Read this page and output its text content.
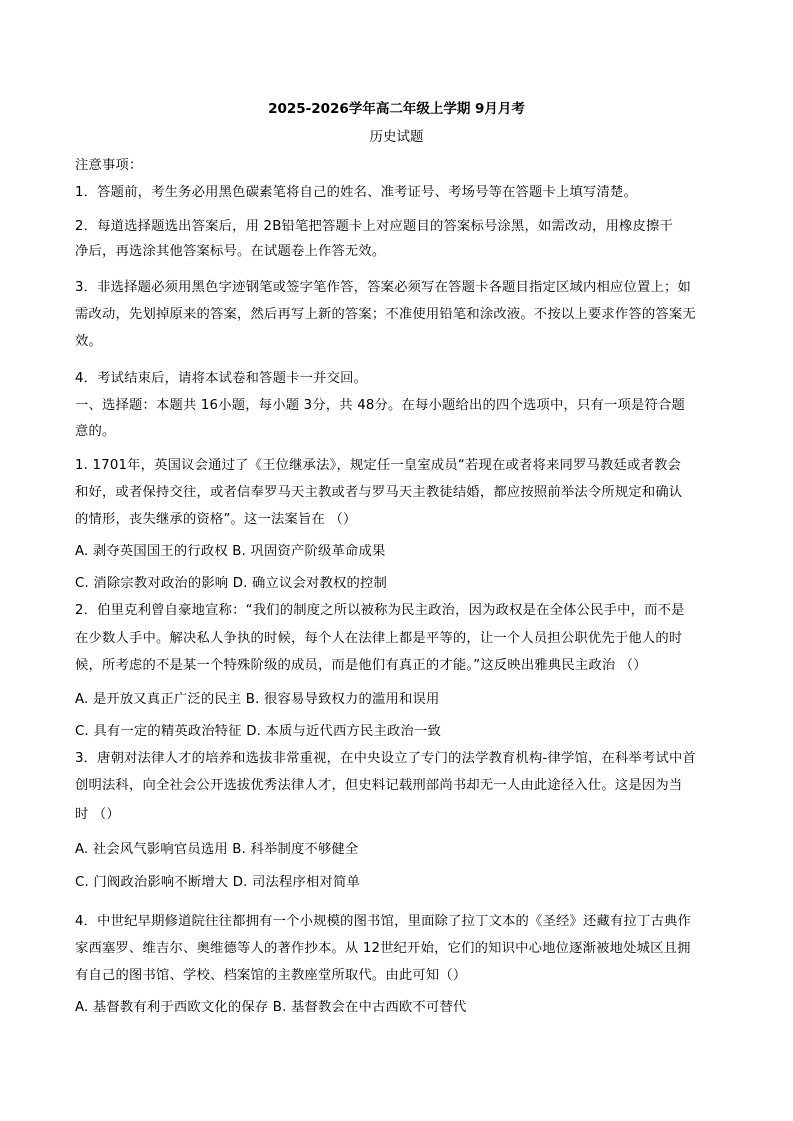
2025-2026学年高二年级上学期 9月月考
历史试题
注意事项：
1．答题前，考生务必用黑色碳素笔将自己的姓名、准考证号、考场号等在答题卡上填写清楚。
2．每道选择题选出答案后，用 2B铅笔把答题卡上对应题目的答案标号涂黑，如需改动，用橡皮擦干
净后，再选涂其他答案标号。在试题卷上作答无效。
3．非选择题必须用黑色字迹钢笔或签字笔作答，答案必须写在答题卡各题目指定区域内相应位置上；如
需改动，先划掉原来的答案，然后再写上新的答案；不准使用铅笔和涂改液。不按以上要求作答的答案无
效。
4．考试结束后，请将本试卷和答题卡一并交回。
一、选择题：本题共 16小题，每小题 3分，共 48分。在每小题给出的四个选项中，只有一项是符合题
意的。
1. 1701年，英国议会通过了《王位继承法》，规定任一皇室成员“若现在或者将来同罗马教廷或者教会
和好，或者保持交往，或者信奉罗马天主教或者与罗马天主教徒结婚，都应按照前举法令所规定和确认
的情形，丧失继承的资格”。这一法案旨在 （）
A. 剥夺英国国王的行政权 B. 巩固资产阶级革命成果
C. 消除宗教对政治的影响 D. 确立议会对教权的控制
2．伯里克利曾自豪地宣称：“我们的制度之所以被称为民主政治，因为政权是在全体公民手中，而不是
在少数人手中。解决私人争执的时候，每个人在法律上都是平等的，让一个人员担公职优先于他人的时
候，所考虑的不是某一个特殊阶级的成员，而是他们有真正的才能。”这反映出雅典民主政治 （）
A. 是开放又真正广泛的民主 B. 很容易导致权力的滥用和误用
C. 具有一定的精英政治特征 D. 本质与近代西方民主政治一致
3．唐朝对法律人才的培养和选拔非常重视，在中央设立了专门的法学教育机构-律学馆，在科举考试中首
创明法科，向全社会公开选拔优秀法律人才，但史料记载刑部尚书却无一人由此途径入仕。这是因为当
时 （）
A. 社会风气影响官员选用 B. 科举制度不够健全
C. 门阀政治影响不断增大 D. 司法程序相对简单
4．中世纪早期修道院往往都拥有一个小规模的图书馆，里面除了拉丁文本的《圣经》还藏有拉丁古典作
家西塞罗、维吉尔、奥维德等人的著作抄本。从 12世纪开始，它们的知识中心地位逐渐被地处城区且拥
有自己的图书馆、学校、档案馆的主教座堂所取代。由此可知（）
A. 基督教有利于西欧文化的保存 B. 基督教会在中古西欧不可替代
